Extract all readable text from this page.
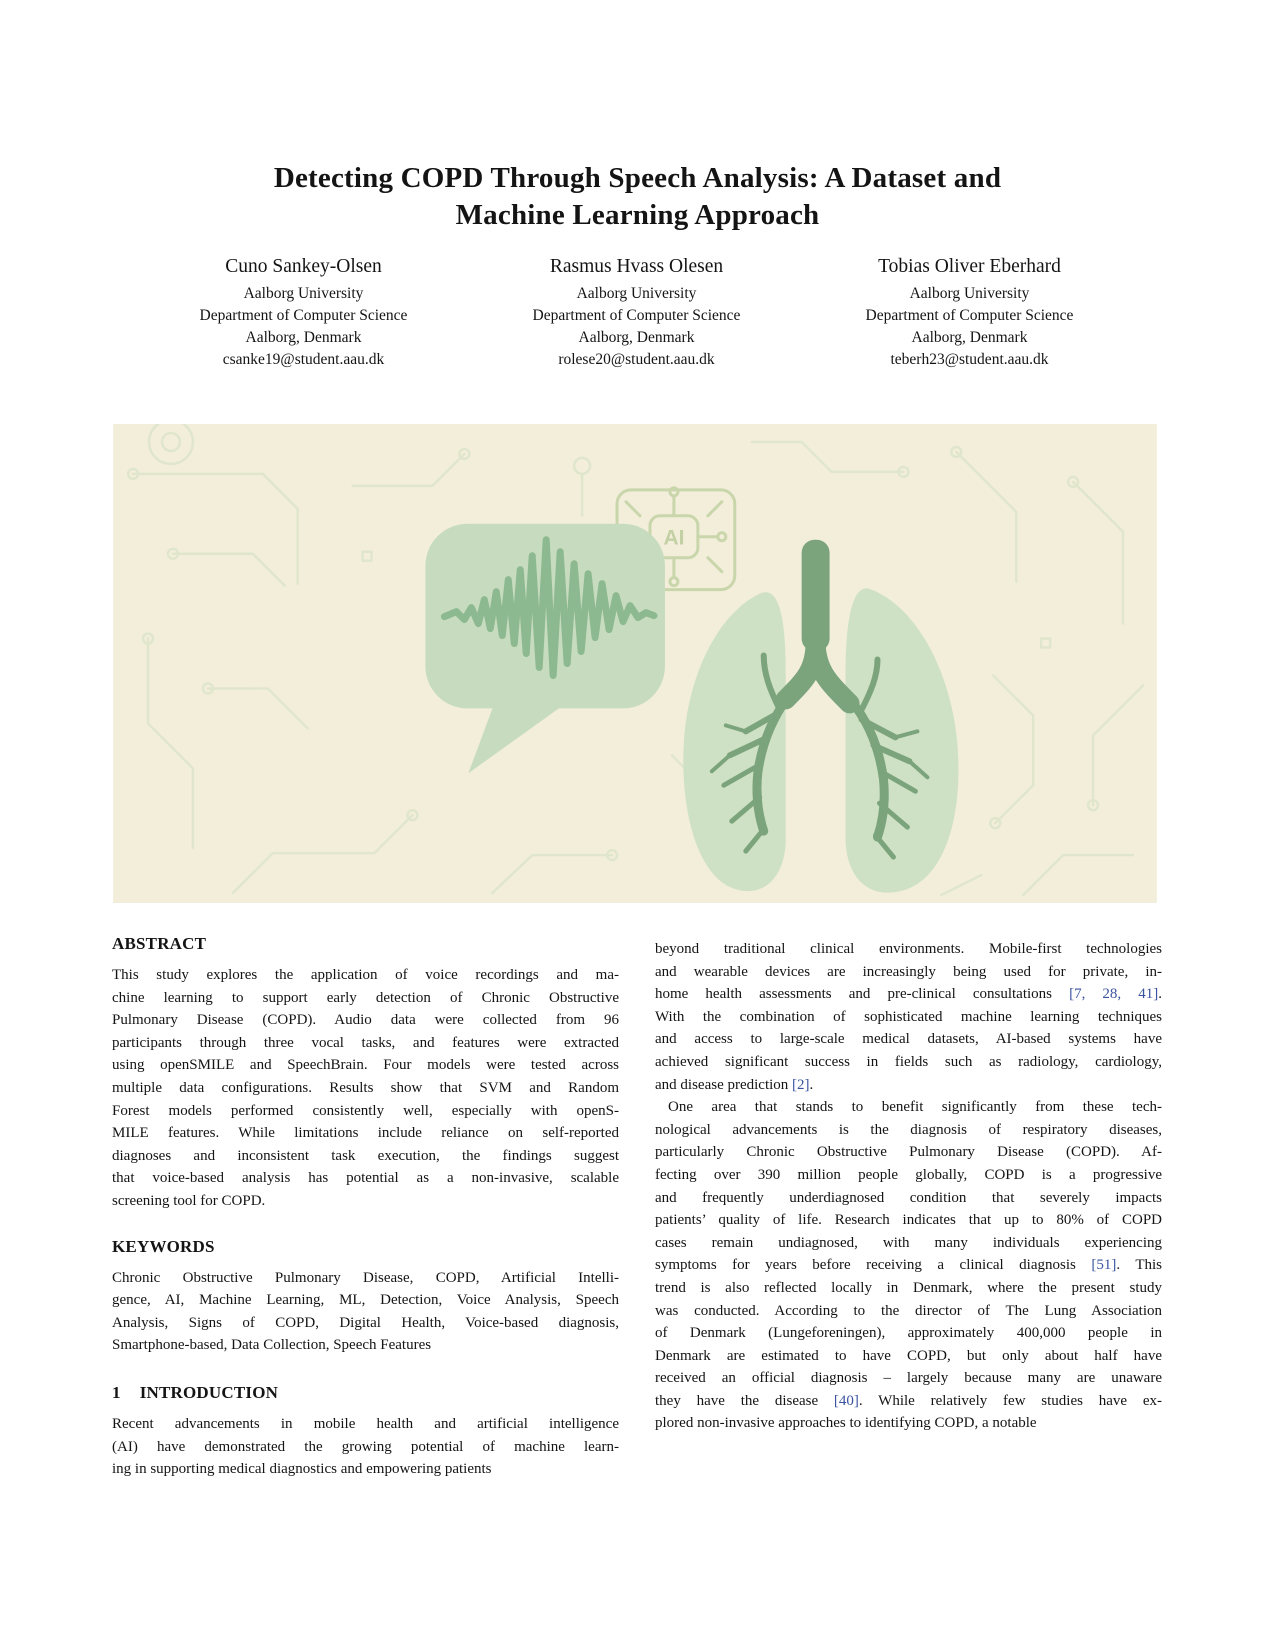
Detecting COPD Through Speech Analysis: A Dataset and
Machine Learning Approach
Cuno Sankey-Olsen
Aalborg University
Department of Computer Science
Aalborg, Denmark
csanke19@student.aau.dk
Rasmus Hvass Olesen
Aalborg University
Department of Computer Science
Aalborg, Denmark
rolese20@student.aau.dk
Tobias Oliver Eberhard
Aalborg University
Department of Computer Science
Aalborg, Denmark
teberh23@student.aau.dk
AI
ABSTRACT
This study explores the application of voice recordings and ma-
chine learning to support early detection of Chronic Obstructive
Pulmonary Disease (COPD). Audio data were collected from 96
participants through three vocal tasks, and features were extracted
using openSMILE and SpeechBrain. Four models were tested across
multiple data configurations. Results show that SVM and Random
Forest models performed consistently well, especially with openS-
MILE features. While limitations include reliance on self-reported
diagnoses and inconsistent task execution, the findings suggest
that voice-based analysis has potential as a non-invasive, scalable
screening tool for COPD.
KEYWORDS
Chronic Obstructive Pulmonary Disease, COPD, Artificial Intelli-
gence, AI, Machine Learning, ML, Detection, Voice Analysis, Speech
Analysis, Signs of COPD, Digital Health, Voice-based diagnosis,
Smartphone-based, Data Collection, Speech Features
1 INTRODUCTION
Recent advancements in mobile health and artificial intelligence
(AI) have demonstrated the growing potential of machine learn-
ing in supporting medical diagnostics and empowering patients
beyond traditional clinical environments. Mobile-first technologies
and wearable devices are increasingly being used for private, in-
home health assessments and pre-clinical consultations [7, 28, 41].
With the combination of sophisticated machine learning techniques
and access to large-scale medical datasets, AI-based systems have
achieved significant success in fields such as radiology, cardiology,
and disease prediction [2].
One area that stands to benefit significantly from these tech-
nological advancements is the diagnosis of respiratory diseases,
particularly Chronic Obstructive Pulmonary Disease (COPD). Af-
fecting over 390 million people globally, COPD is a progressive
and frequently underdiagnosed condition that severely impacts
patients’ quality of life. Research indicates that up to 80% of COPD
cases remain undiagnosed, with many individuals experiencing
symptoms for years before receiving a clinical diagnosis [51]. This
trend is also reflected locally in Denmark, where the present study
was conducted. According to the director of The Lung Association
of Denmark (Lungeforeningen), approximately 400,000 people in
Denmark are estimated to have COPD, but only about half have
received an official diagnosis – largely because many are unaware
they have the disease [40]. While relatively few studies have ex-
plored non-invasive approaches to identifying COPD, a notable
